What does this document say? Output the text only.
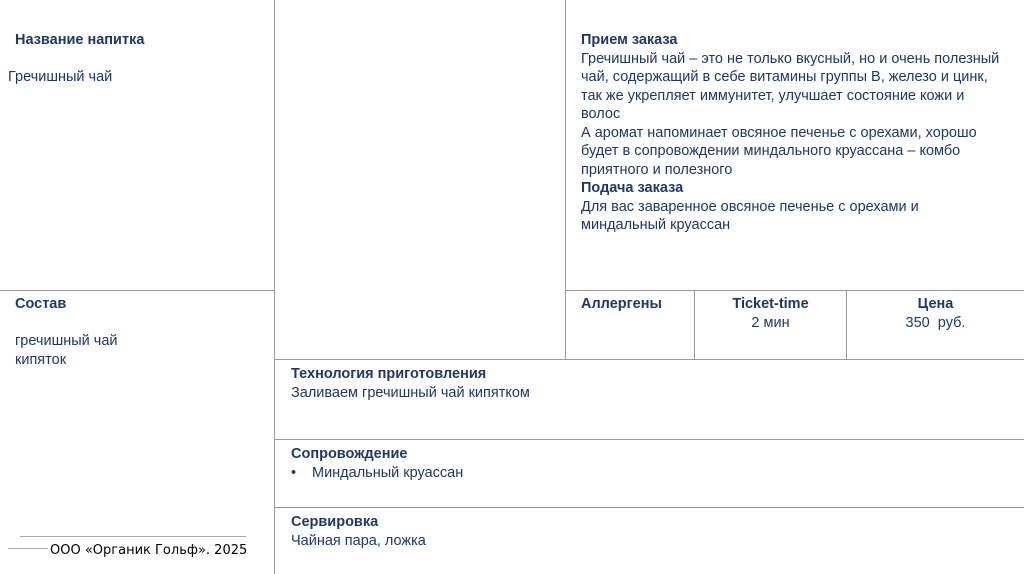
Название напитка
Гречишный чай
Состав
гречишный чай
кипяток
Прием заказа

Гречишный чай – это не только вкусный, но и очень полезный чай, содержащий в себе витамины группы В, железо и цинк, так же укрепляет иммунитет, улучшает состояние кожи и волос

А аромат напоминает овсяное печенье с орехами, хорошо будет в сопровождении миндального круассана – комбо приятного и полезного

Подача заказа

Для вас заваренное овсяное печенье с орехами и миндальный круассан

Аллергены	Ticket-time
2 мин
Цена
350  руб.
Технология приготовления
Заливаем гречишный чай кипятком
Сопровождение
•	Миндальный круассан
Сервировка
Чайная пара, ложка
ООО «Органик Гольф». 2025
